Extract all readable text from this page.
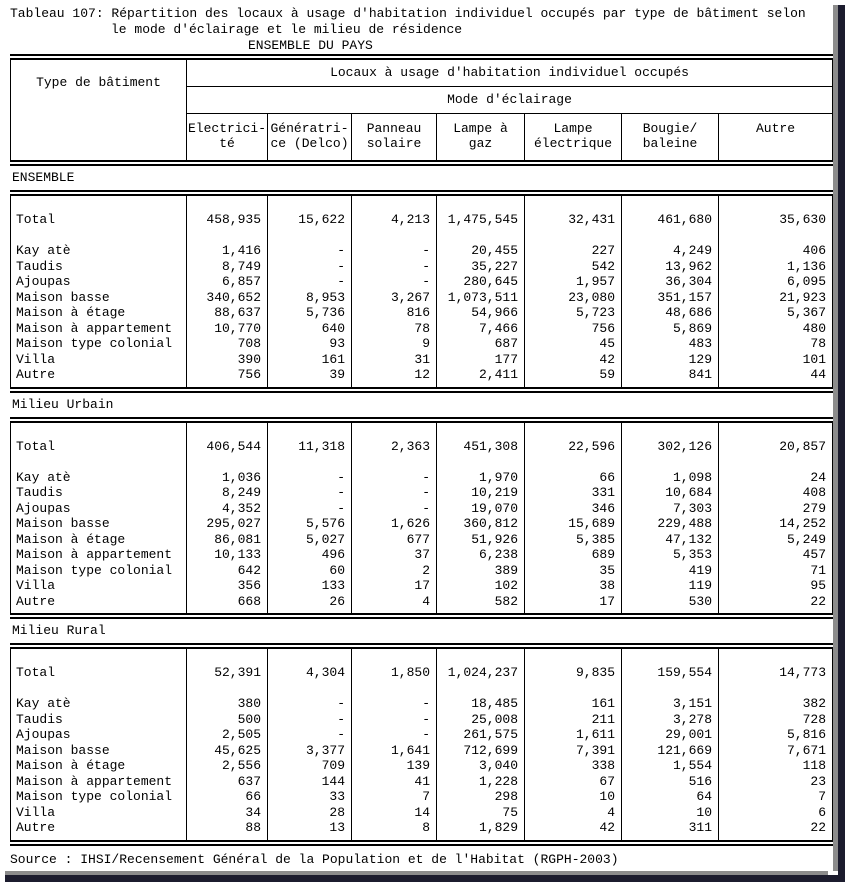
Tableau 107: Répartition des locaux à usage d'habitation individuel occupés par type de bâtiment selon
le mode d'éclairage et le milieu de résidence
ENSEMBLE DU PAYS
Type de bâtiment
Locaux à usage d'habitation individuel occupés
Mode d'éclairage
Electrici-
té
Génératri-
ce (Delco)
Panneau
solaire
Lampe à
gaz
Lampe
électrique
Bougie/
baleine
Autre
ENSEMBLE
Total
Kay atè
Taudis
Ajoupas
Maison basse
Maison à étage
Maison à appartement
Maison type colonial
Villa
Autre
458,935
1,416
8,749
6,857
340,652
88,637
10,770
708
390
756
15,622
-
-
-
8,953
5,736
640
93
161
39
4,213
-
-
-
3,267
816
78
9
31
12
1,475,545
20,455
35,227
280,645
1,073,511
54,966
7,466
687
177
2,411
32,431
227
542
1,957
23,080
5,723
756
45
42
59
461,680
4,249
13,962
36,304
351,157
48,686
5,869
483
129
841
35,630
406
1,136
6,095
21,923
5,367
480
78
101
44
Milieu Urbain
Total
Kay atè
Taudis
Ajoupas
Maison basse
Maison à étage
Maison à appartement
Maison type colonial
Villa
Autre
406,544
1,036
8,249
4,352
295,027
86,081
10,133
642
356
668
11,318
-
-
-
5,576
5,027
496
60
133
26
2,363
-
-
-
1,626
677
37
2
17
4
451,308
1,970
10,219
19,070
360,812
51,926
6,238
389
102
582
22,596
66
331
346
15,689
5,385
689
35
38
17
302,126
1,098
10,684
7,303
229,488
47,132
5,353
419
119
530
20,857
24
408
279
14,252
5,249
457
71
95
22
Milieu Rural
Total
Kay atè
Taudis
Ajoupas
Maison basse
Maison à étage
Maison à appartement
Maison type colonial
Villa
Autre
52,391
380
500
2,505
45,625
2,556
637
66
34
88
4,304
-
-
-
3,377
709
144
33
28
13
1,850
-
-
-
1,641
139
41
7
14
8
1,024,237
18,485
25,008
261,575
712,699
3,040
1,228
298
75
1,829
9,835
161
211
1,611
7,391
338
67
10
4
42
159,554
3,151
3,278
29,001
121,669
1,554
516
64
10
311
14,773
382
728
5,816
7,671
118
23
7
6
22
Source : IHSI/Recensement Général de la Population et de l'Habitat (RGPH-2003)
